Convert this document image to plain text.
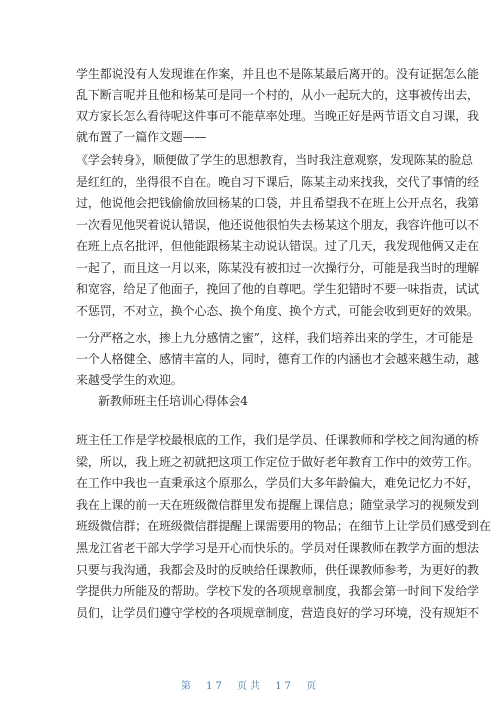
学生都说没有人发现谁在作案，并且也不是陈某最后离开的。没有证据怎么能
乱下断言呢并且他和杨某可是同一个村的，从小一起玩大的，这事被传出去，
双方家长怎么看待呢这件事可不能草率处理。当晚正好是两节语文自习课，我
就布置了一篇作文题——
《学会转身》，顺便做了学生的思想教育，当时我注意观察，发现陈某的脸总
是红红的，坐得很不自在。晚自习下课后，陈某主动来找我，交代了事情的经
过，他说他会把钱偷偷放回杨某的口袋，并且希望我不在班上公开点名，我第
一次看见他哭着说认错误，他还说他很怕失去杨某这个朋友，我容许他可以不
在班上点名批评，但他能跟杨某主动说认错误。过了几天，我发现他俩又走在
一起了，而且这一月以来，陈某没有被扣过一次操行分，可能是我当时的理解
和宽容，给足了他面子，挽回了他的自尊吧。学生犯错时不要一味指责，试试
不惩罚，不对立，换个心态、换个角度、换个方式，可能会收到更好的效果。
一分严格之水，掺上九分感情之蜜”，这样，我们培养出来的学生，才可能是
一个人格健全、感情丰富的人，同时，德育工作的内涵也才会越来越生动，越
来越受学生的欢迎。
新教师班主任培训心得体会4
班主任工作是学校最根底的工作，我们是学员、任课教师和学校之间沟通的桥
梁，所以，我上班之初就把这项工作定位于做好老年教育工作中的效劳工作。
在工作中我也一直秉承这个原那么，学员们大多年龄偏大，难免记忆力不好，
我在上课的前一天在班级微信群里发布提醒上课信息；随堂录学习的视频发到
班级微信群；在班级微信群提醒上课需要用的物品；在细节上让学员们感受到在
黑龙江省老干部大学学习是开心而快乐的。学员对任课教师在教学方面的想法
只要与我沟通，我都会及时的反映给任课教师，供任课教师参考，为更好的教
学提供力所能及的帮助。学校下发的各项规章制度，我都会第一时间下发给学
员们，让学员们遵守学校的各项规章制度，营造良好的学习环境，没有规矩不
第 17 页共 17 页
